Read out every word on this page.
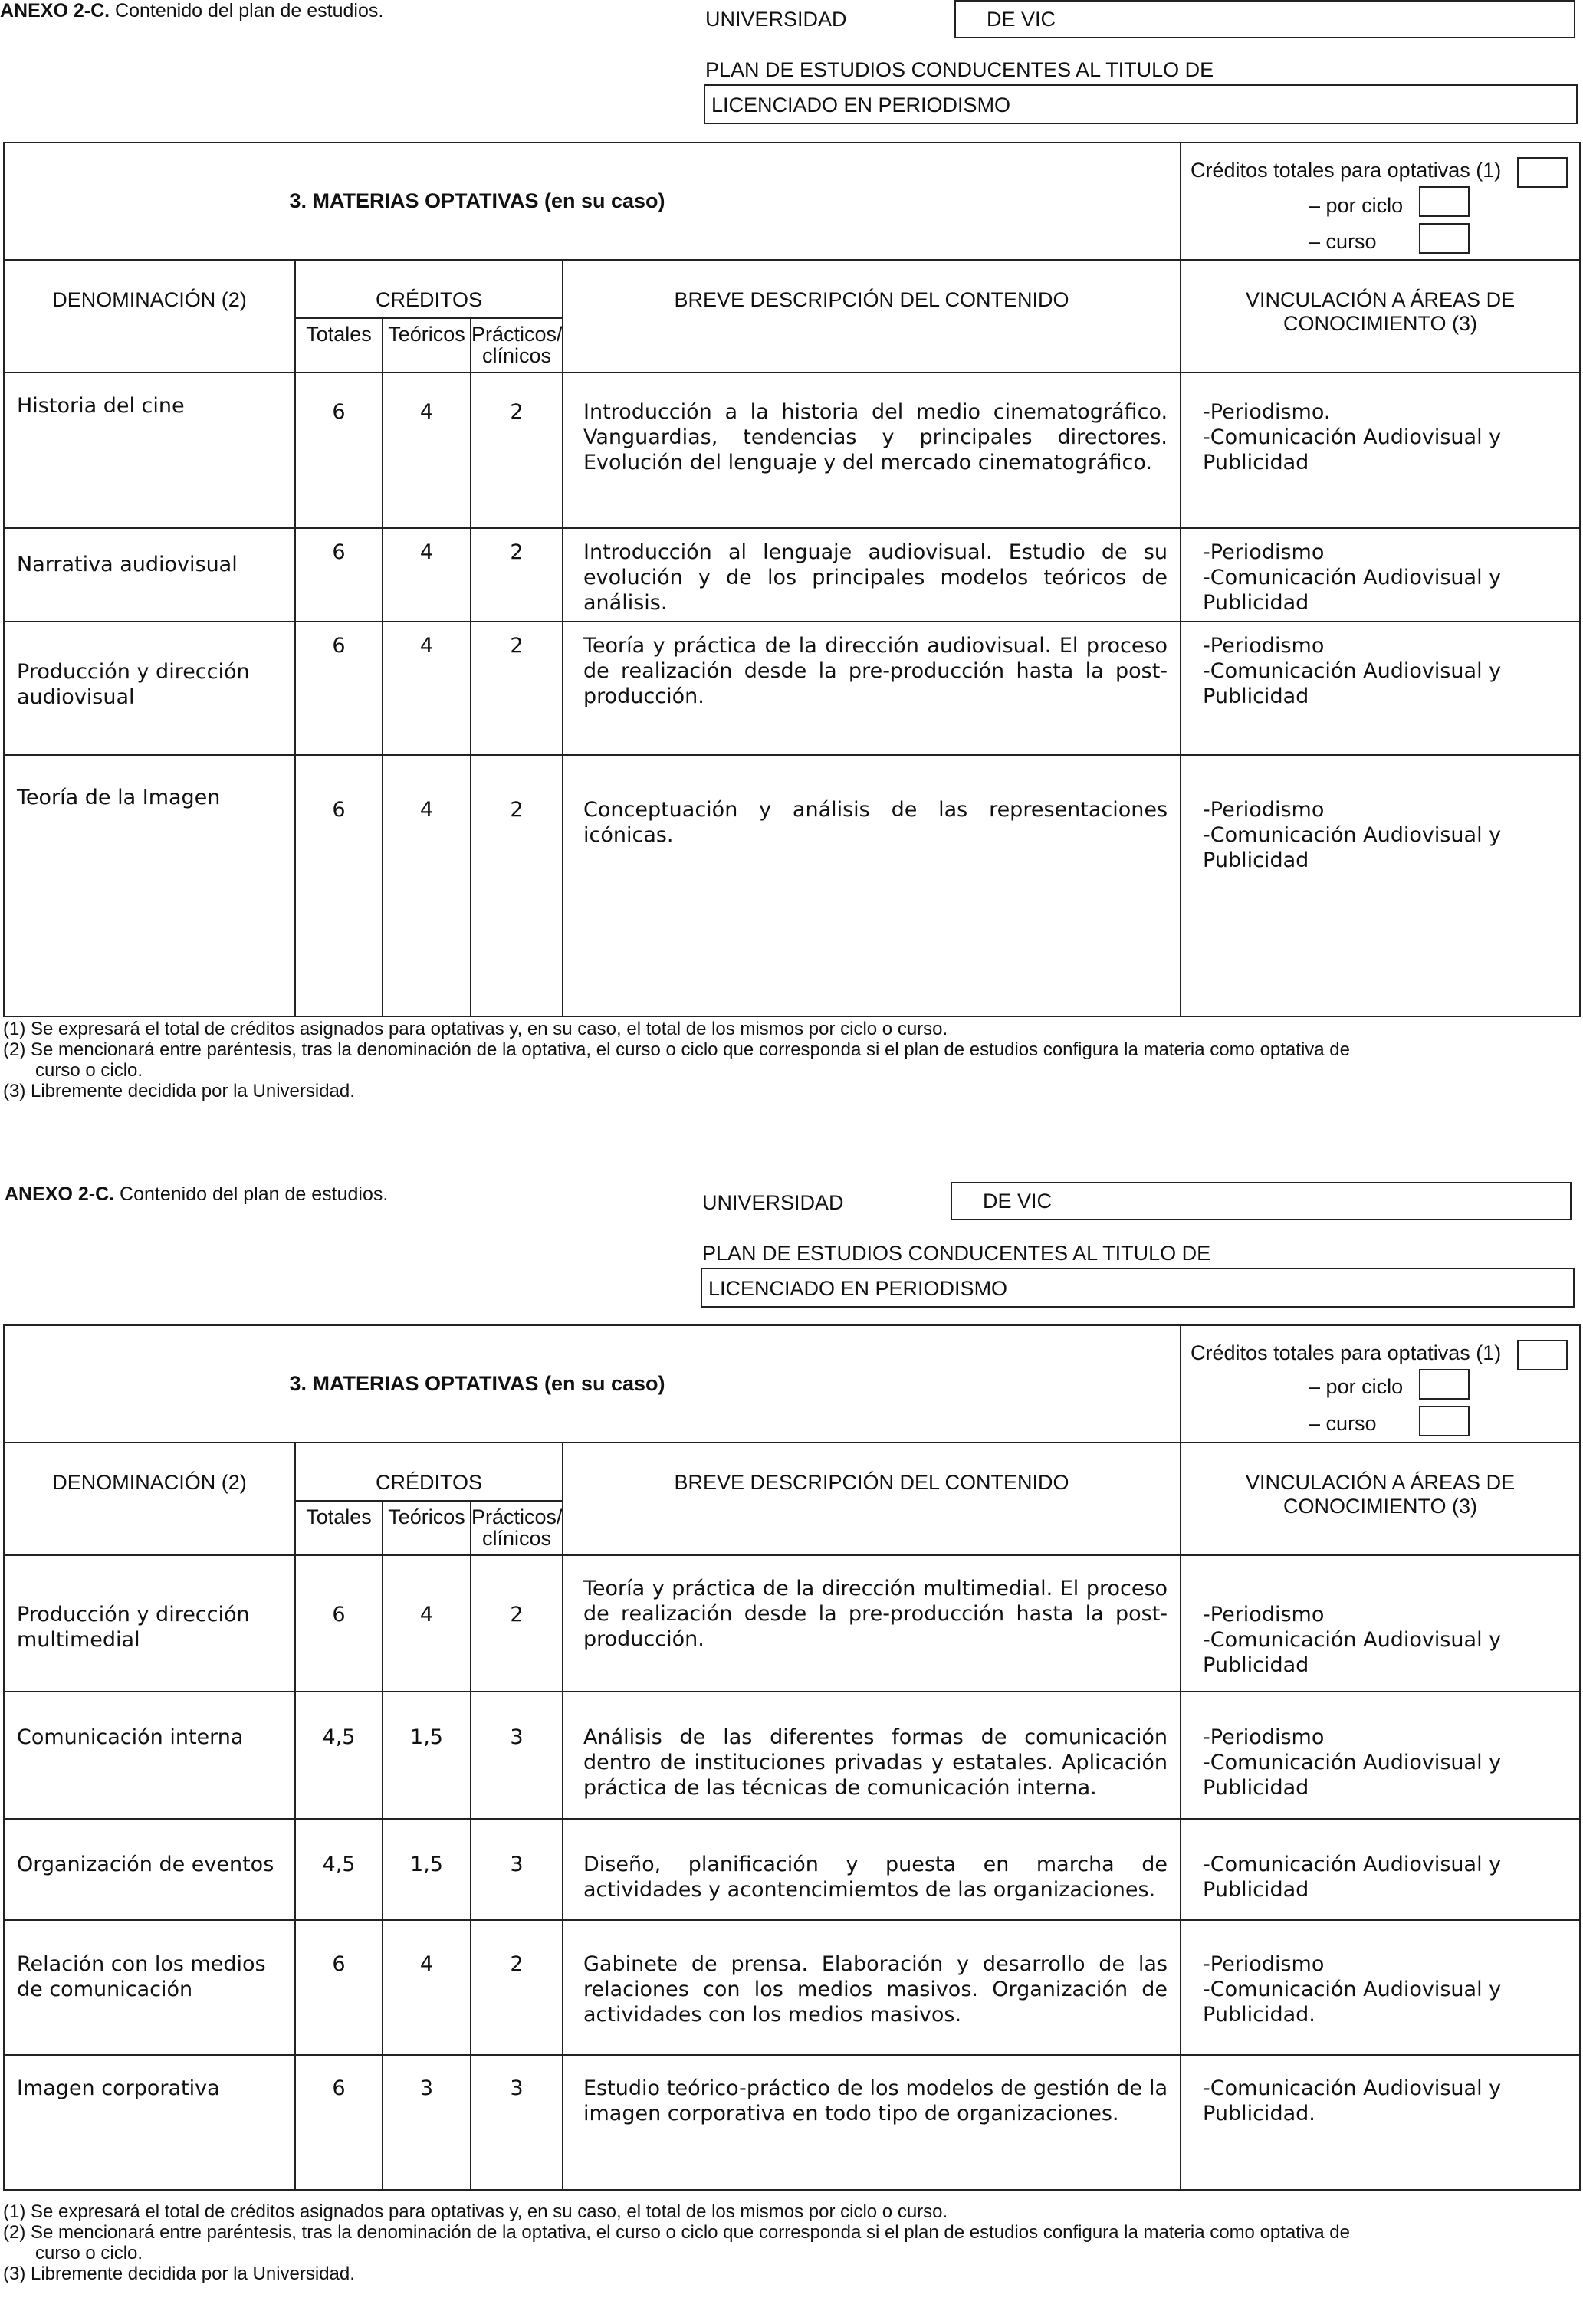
ANEXO 2-C. Contenido del plan de estudios.	UNIVERSIDAD	DE VIC
PLAN DE ESTUDIOS CONDUCENTES AL TITULO DE
LICENCIADO EN PERIODISMO
3. MATERIAS OPTATIVAS (en su caso)					Créditos totales para optativas (1)
– por ciclo
– curso

DENOMINACIÓN (2)	CRÉDITOS			BREVE DESCRIPCIÓN DEL CONTENIDO	VINCULACIÓN A ÁREAS DE CONOCIMIENTO (3)
	Totales	Teóricos	Prácticos/ clínicos		
Historia del cine	6	4	2	Introducción a la historia del medio cinematográfico. Vanguardias, tendencias y principales directores. Evolución del lenguaje y del mercado cinematográfico.	-Periodismo.
-Comunicación Audiovisual y Publicidad

Narrativa audiovisual	6	4	2	Introducción al lenguaje audiovisual. Estudio de su evolución y de los principales modelos teóricos de análisis.	-Periodismo
-Comunicación Audiovisual y Publicidad

Producción y dirección audiovisual	6	4	2	Teoría y práctica de la dirección audiovisual. El proceso de realización desde la pre-producción hasta la post-producción.	-Periodismo
-Comunicación Audiovisual y Publicidad

Teoría de la Imagen	6	4	2	Conceptuación y análisis de las representaciones icónicas.	-Periodismo
-Comunicación Audiovisual y Publicidad
(1) Se expresará el total de créditos asignados para optativas y, en su caso, el total de los mismos por ciclo o curso.
(2) Se mencionará entre paréntesis, tras la denominación de la optativa, el curso o ciclo que corresponda si el plan de estudios configura la materia como optativa de
curso o ciclo.
(3) Libremente decidida por la Universidad.
ANEXO 2-C. Contenido del plan de estudios.	UNIVERSIDAD	DE VIC
PLAN DE ESTUDIOS CONDUCENTES AL TITULO DE
LICENCIADO EN PERIODISMO
3. MATERIAS OPTATIVAS (en su caso)					Créditos totales para optativas (1)
– por ciclo
– curso

DENOMINACIÓN (2)	CRÉDITOS			BREVE DESCRIPCIÓN DEL CONTENIDO	VINCULACIÓN A ÁREAS DE CONOCIMIENTO (3)
	Totales	Teóricos	Prácticos/ clínicos		
Producción y dirección multimedial	6	4	2	Teoría y práctica de la dirección multimedial. El proceso de realización desde la pre-producción hasta la post-producción.	-Periodismo
-Comunicación Audiovisual y Publicidad

Comunicación interna	4,5	1,5	3	Análisis de las diferentes formas de comunicación dentro de instituciones privadas y estatales. Aplicación práctica de las técnicas de comunicación interna.	-Periodismo
-Comunicación Audiovisual y Publicidad

Organización de eventos	4,5	1,5	3	Diseño, planificación y puesta en marcha de actividades y acontencimiemtos de las organizaciones.	-Comunicación Audiovisual y Publicidad

Relación con los medios de comunicación	6	4	2	Gabinete de prensa. Elaboración y desarrollo de las relaciones con los medios masivos. Organización de actividades con los medios masivos.	-Periodismo
-Comunicación Audiovisual y Publicidad.

Imagen corporativa	6	3	3	Estudio teórico-práctico de los modelos de gestión de la imagen corporativa en todo tipo de organizaciones.	-Comunicación Audiovisual y Publicidad.
(1) Se expresará el total de créditos asignados para optativas y, en su caso, el total de los mismos por ciclo o curso.
(2) Se mencionará entre paréntesis, tras la denominación de la optativa, el curso o ciclo que corresponda si el plan de estudios configura la materia como optativa de
curso o ciclo.
(3) Libremente decidida por la Universidad.
